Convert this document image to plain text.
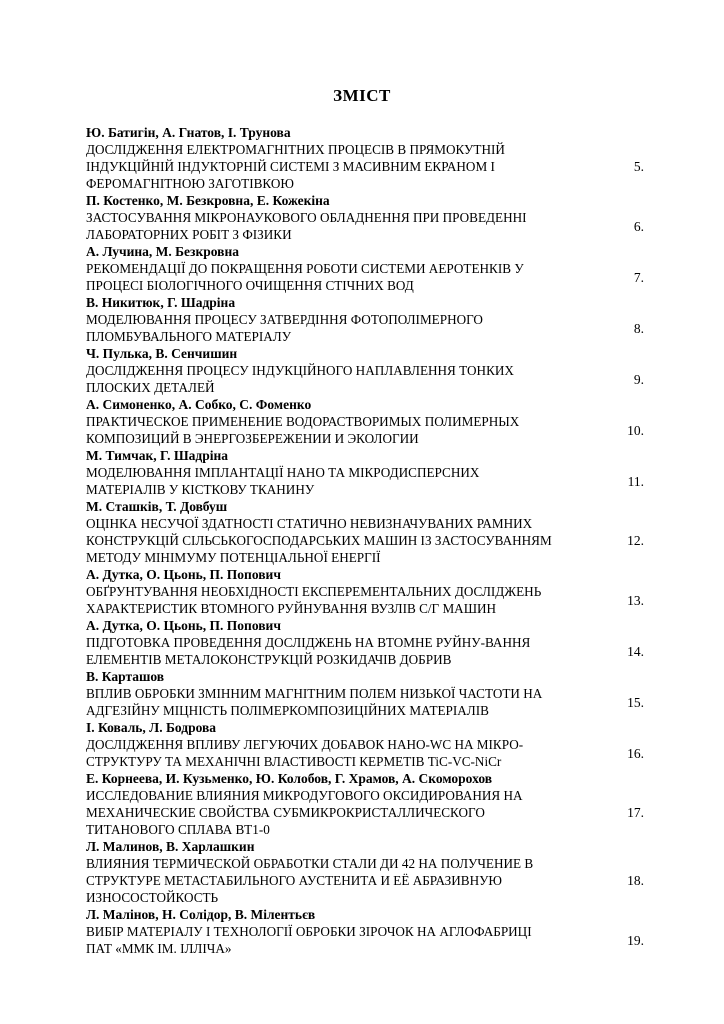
ЗМІСТ
Ю. Батигін, А. Гнатов, І. Трунова
ДОСЛІДЖЕННЯ ЕЛЕКТРОМАГНІТНИХ ПРОЦЕСІВ В ПРЯМОКУТНІЙ
ІНДУКЦІЙНІЙ ІНДУКТОРНІЙ СИСТЕМІ З МАСИВНИМ ЕКРАНОМ І
ФЕРОМАГНІТНОЮ ЗАГОТІВКОЮ
5.
П. Костенко, М. Безкровна, Е. Кожекіна
ЗАСТОСУВАННЯ МІКРОНАУКОВОГО ОБЛАДНЕННЯ ПРИ ПРОВЕДЕННІ
ЛАБОРАТОРНИХ РОБІТ З ФІЗИКИ
6.
А. Лучина, М. Безкровна
РЕКОМЕНДАЦІЇ ДО ПОКРАЩЕННЯ РОБОТИ СИСТЕМИ АЕРОТЕНКІВ У
ПРОЦЕСІ БІОЛОГІЧНОГО ОЧИЩЕННЯ СТІЧНИХ ВОД
7.
В. Никитюк, Г. Шадріна
МОДЕЛЮВАННЯ ПРОЦЕСУ ЗАТВЕРДІННЯ ФОТОПОЛІМЕРНОГО
ПЛОМБУВАЛЬНОГО МАТЕРІАЛУ
8.
Ч. Пулька, В. Сенчишин
ДОСЛІДЖЕННЯ ПРОЦЕСУ ІНДУКЦІЙНОГО НАПЛАВЛЕННЯ ТОНКИХ
ПЛОСКИХ ДЕТАЛЕЙ
9.
А. Симоненко, А. Собко, С. Фоменко
ПРАКТИЧЕСКОЕ ПРИМЕНЕНИЕ ВОДОРАСТВОРИМЫХ ПОЛИМЕРНЫХ
КОМПОЗИЦИЙ В ЭНЕРГОЗБЕРЕЖЕНИИ И ЭКОЛОГИИ
10.
М. Тимчак, Г. Шадріна
МОДЕЛЮВАННЯ ІМПЛАНТАЦІЇ НАНО ТА МІКРОДИСПЕРСНИХ
МАТЕРІАЛІВ У КІСТКОВУ ТКАНИНУ
11.
М. Сташків, Т. Довбуш
ОЦІНКА НЕСУЧОЇ ЗДАТНОСТІ СТАТИЧНО НЕВИЗНАЧУВАНИХ РАМНИХ
КОНСТРУКЦІЙ СІЛЬСЬКОГОСПОДАРСЬКИХ МАШИН ІЗ ЗАСТОСУВАННЯМ
МЕТОДУ МІНІМУМУ ПОТЕНЦІАЛЬНОЇ ЕНЕРГІЇ
12.
А. Дутка, О. Цьонь, П. Попович
ОБҐРУНТУВАННЯ НЕОБХІДНОСТІ ЕКСПЕРЕМЕНТАЛЬНИХ ДОСЛІДЖЕНЬ
ХАРАКТЕРИСТИК ВТОМНОГО РУЙНУВАННЯ ВУЗЛІВ С/Г МАШИН
13.
А. Дутка, О. Цьонь, П. Попович
ПІДГОТОВКА ПРОВЕДЕННЯ ДОСЛІДЖЕНЬ НА ВТОМНЕ РУЙНУ-ВАННЯ
ЕЛЕМЕНТІВ МЕТАЛОКОНСТРУКЦІЙ РОЗКИДАЧІВ ДОБРИВ
14.
В. Карташов
ВПЛИВ ОБРОБКИ ЗМІННИМ МАГНІТНИМ ПОЛЕМ НИЗЬКОЇ ЧАСТОТИ НА
АДГЕЗІЙНУ МІЦНІСТЬ ПОЛІМЕРКОМПОЗИЦІЙНИХ МАТЕРІАЛІВ
15.
І. Коваль, Л. Бодрова
ДОСЛІДЖЕННЯ ВПЛИВУ ЛЕГУЮЧИХ ДОБАВОК НАНО-WC НА МІКРО-
СТРУКТУРУ ТА МЕХАНІЧНІ ВЛАСТИВОСТІ КЕРМЕТІВ TiC-VC-NiCr
16.
Е. Корнеева, И. Кузьменко, Ю. Колобов, Г. Храмов, А. Скоморохов
ИССЛЕДОВАНИЕ ВЛИЯНИЯ МИКРОДУГОВОГО ОКСИДИРОВАНИЯ НА
МЕХАНИЧЕСКИЕ СВОЙСТВА СУБМИКРОКРИСТАЛЛИЧЕСКОГО
ТИТАНОВОГО СПЛАВА ВТ1-0
17.
Л. Малинов, В. Харлашкин
ВЛИЯНИЯ ТЕРМИЧЕСКОЙ ОБРАБОТКИ СТАЛИ ДИ 42 НА ПОЛУЧЕНИЕ В
СТРУКТУРЕ МЕТАСТАБИЛЬНОГО АУСТЕНИТА И ЕЁ АБРАЗИВНУЮ
ИЗНОСОСТОЙКОСТЬ
18.
Л. Малінов, Н. Солідор, В. Мілентьєв
ВИБІР МАТЕРІАЛУ І ТЕХНОЛОГІЇ ОБРОБКИ ЗІРОЧОК НА АГЛОФАБРИЦІ
ПАТ «ММК ІМ. ІЛЛІЧА»
19.
